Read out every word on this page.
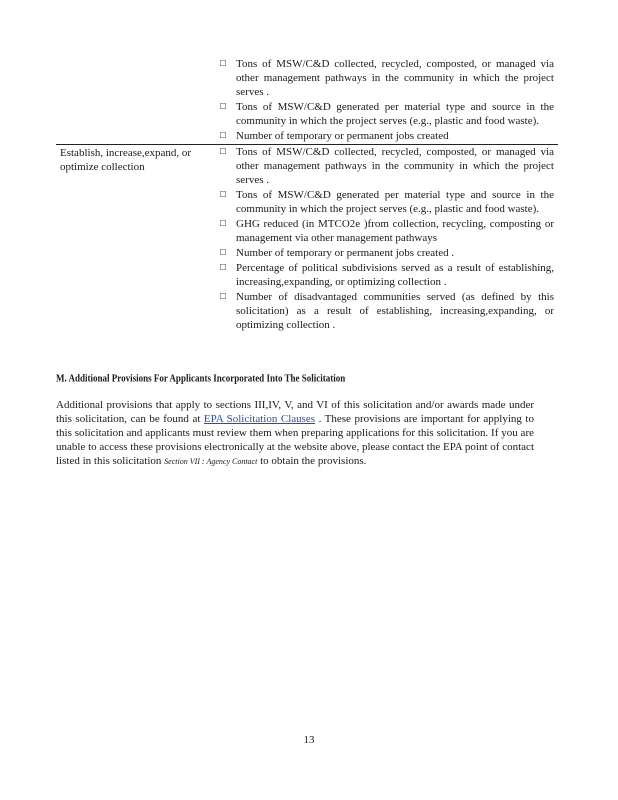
□ Tons of MSW/C&D collected, recycled, composted, or managed via other management pathways in the community in which the project serves .
□ Tons of MSW/C&D generated per material type and source in the community in which the project serves (e.g., plastic and food waste).
□ Number of temporary or permanent jobs created
Establish, increase,expand, or optimize collection
□ Tons of MSW/C&D collected, recycled, composted, or managed via other management pathways in the community in which the project serves .
□ Tons of MSW/C&D generated per material type and source in the community in which the project serves (e.g., plastic and food waste).
□ GHG reduced (in MTCO2e )from collection, recycling, composting or management via other management pathways
□ Number of temporary or permanent jobs created .
□ Percentage of political subdivisions served as a result of establishing, increasing,expanding, or optimizing collection .
□ Number of disadvantaged communities served (as defined by this solicitation) as a result of establishing, increasing,expanding, or optimizing collection .
M. Additional Provisions For Applicants Incorporated Into The Solicitation
Additional provisions that apply to sections III,IV, V, and VI of this solicitation and/or awards made under this solicitation, can be found at EPA Solicitation Clauses . These provisions are important for applying to this solicitation and applicants must review them when preparing applications for this solicitation. If you are unable to access these provisions electronically at the website above, please contact the EPA point of contact listed in this solicitation Section VII : Agency Contact to obtain the provisions.
13
